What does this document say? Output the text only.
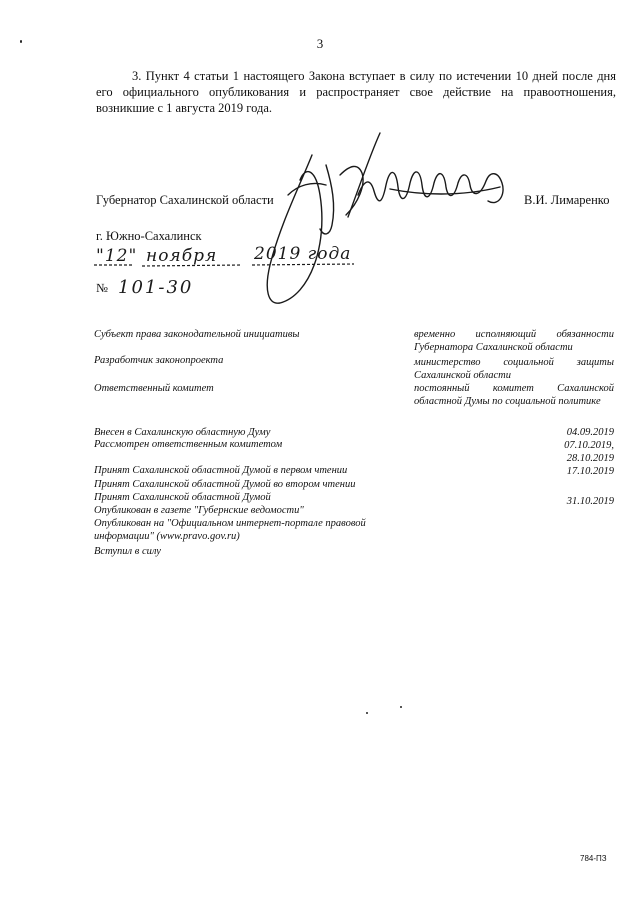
3
3. Пункт 4 статьи 1 настоящего Закона вступает в силу по истечении 10 дней после дня его официального опубликования и распространяет свое действие на правоотношения, возникшие с 1 августа 2019 года.
Губернатор Сахалинской области	В.И. Лимаренко
г. Южно-Сахалинск
"12" ноября 2019 года
№ 101-30
Субъект права законодательной инициативы	временно исполняющий обязанности Губернатора Сахалинской области
Разработчик законопроекта	министерство социальной защиты Сахалинской области
Ответственный комитет	постоянный комитет Сахалинской областной Думы по социальной политике
Внесен в Сахалинскую областную Думу	04.09.2019
Рассмотрен ответственным комитетом	07.10.2019,
28.10.2019
Принят Сахалинской областной Думой в первом чтении	17.10.2019
Принят Сахалинской областной Думой во втором чтении
Принят Сахалинской областной Думой	31.10.2019
Опубликован в газете "Губернские ведомости"
Опубликован на "Официальном интернет-портале правовой
информации" (www.pravo.gov.ru)
Вступил в силу
784-ПЗ
